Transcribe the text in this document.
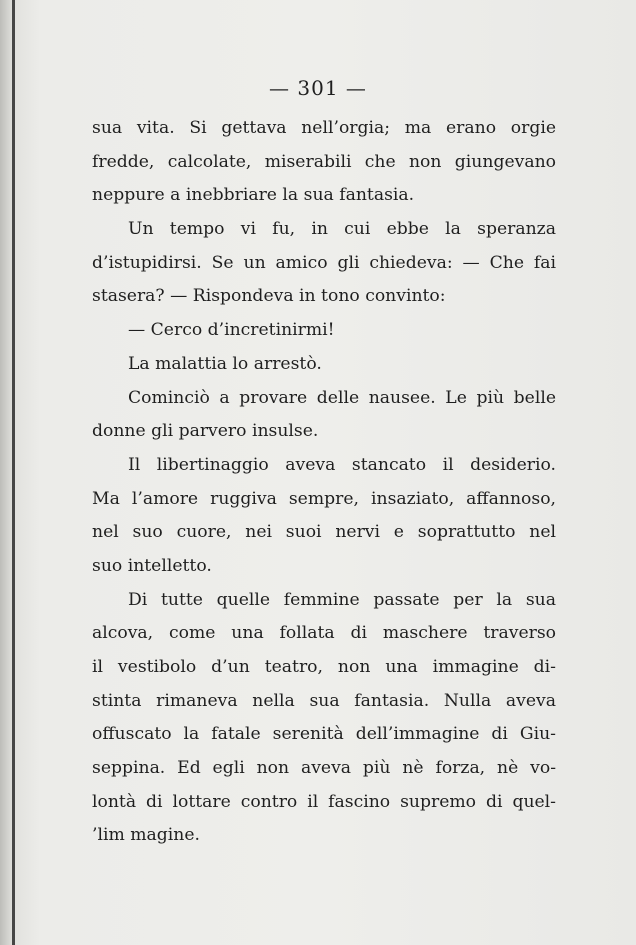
— 301 —
sua vita. Si gettava nell’orgia; ma erano orgie
fredde, calcolate, miserabili che non giungevano
neppure a inebbriare la sua fantasia.
Un tempo vi fu, in cui ebbe la speranza
d’istupidirsi. Se un amico gli chiedeva: — Che fai
stasera? — Rispondeva in tono convinto:
— Cerco d’incretinirmi!
La malattia lo arrestò.
Cominciò a provare delle nausee. Le più belle
donne gli parvero insulse.
Il libertinaggio aveva stancato il desiderio.
Ma l’amore ruggiva sempre, insaziato, affannoso,
nel suo cuore, nei suoi nervi e soprattutto nel
suo intelletto.
Di tutte quelle femmine passate per la sua
alcova, come una follata di maschere traverso
il vestibolo d’un teatro, non una immagine di-
stinta rimaneva nella sua fantasia. Nulla aveva
offuscato la fatale serenità dell’immagine di Giu-
seppina. Ed egli non aveva più nè forza, nè vo-
lontà di lottare contro il fascino supremo di quel-
’lim magine.
